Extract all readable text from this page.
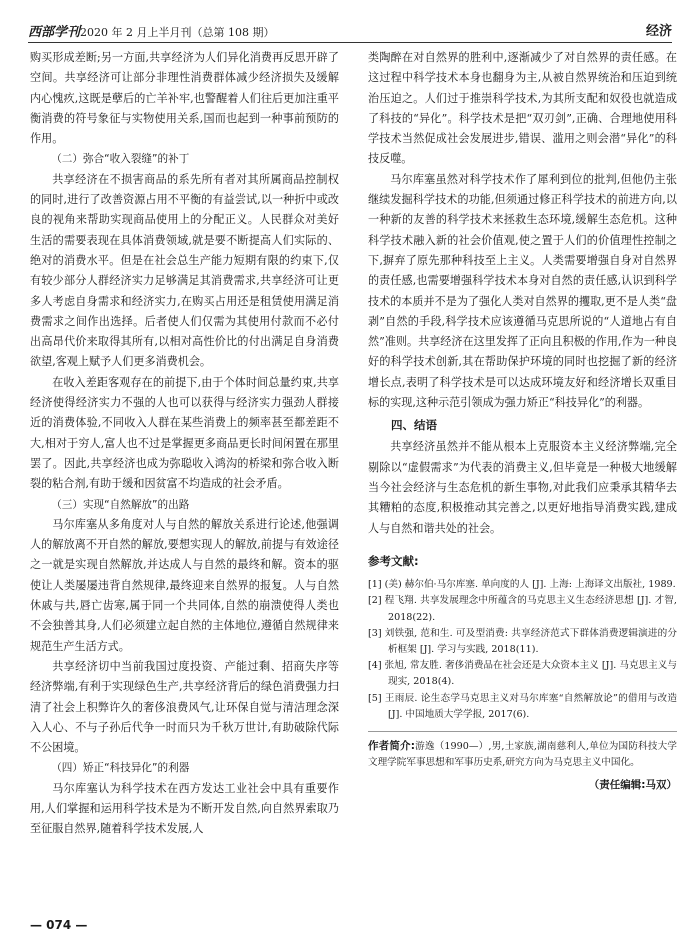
西部学刊2020 年 2 月上半月刊（总第 108 期）	经济

购买形成差断;另一方面,共享经济为人们异化消费再反思开辟了空间。共享经济可让部分非理性消费群体减少经济损失及缓解内心愧疚,这既是孽后的亡羊补牢,也警醒着人们往后更加注重平衡消费的符号象征与实物使用关系,国而也起到一种事前预防的作用。

（二）弥合“收入裂缝”的补丁

共享经济在不损害商品的系先所有者对其所属商品控制权的同时,进行了改善资源占用不平衡的有益尝试,以一种折中或改良的视角来帮助实现商品使用上的分配正义。人民群众对美好生活的需要表现在具体消费领域,就是要不断提高人们实际的、绝对的消费水平。但是在社会总生产能力短期有限的约束下,仅有较少部分人群经济实力足够满足其消费需求,共享经济可让更多人考虑自身需求和经济实力,在购买占用还是租赁使用满足消费需求之间作出选择。后者使人们仅需为其使用付款而不必付出高昂代价来取得其所有,以相对高性价比的付出满足自身消费欲望,客观上赋予人们更多消费机会。

在收入差距客观存在的前提下,由于个体时间总量约束,共享经济使得经济实力不强的人也可以获得与经济实力强劲人群接近的消费体验,不同收入人群在某些消费上的频率甚至都差距不大,相对于穷人,富人也不过是掌握更多商品更长时间闲置在那里罢了。因此,共享经济也成为弥聪收入鸿沟的桥梁和弥合收入断裂的粘合剂,有助于缓和因贫富不均造成的社会矛盾。

（三）实现“自然解放”的出路

马尔库塞从多角度对人与自然的解放关系进行论述,他强调人的解放离不开自然的解放,要想实现人的解放,前提与有效途径之一就是实现自然解放,并达成人与自然的最终和解。资本的驱使让人类屡屡违背自然规律,最终迎来自然界的报复。人与自然休戚与共,唇亡齿寒,属于同一个共同体,自然的崩溃使得人类也不会独善其身,人们必须建立起自然的主体地位,遵循自然规律来规范生产生活方式。

共享经济切中当前我国过度投资、产能过剩、招商失序等经济弊端,有利于实现绿色生产,共享经济背后的绿色消费强力扫清了社会上积弊许久的奢侈浪费风气,让环保自觉与清洁理念深入人心、不与子孙后代争一时而只为千秋万世计,有助破除代际不公困境。

（四）矫正“科技异化”的利器

马尔库塞认为科学技术在西方发达工业社会中具有重要作用,人们掌握和运用科学技术是为不断开发自然,向自然界索取乃至征服自然界,随着科学技术发展,人

类陶醉在对自然界的胜利中,逐渐减少了对自然界的责任感。在这过程中科学技术本身也翻身为主,从被自然界统治和压迫到统治压迫之。人们过于推崇科学技术,为其所支配和奴役也就造成了科技的“异化”。科学技术是把“双刃剑”,正确、合理地使用科学技术当然促成社会发展进步,错误、滥用之则会潜“异化”的科技反噬。

马尔库塞虽然对科学技术作了犀利到位的批判,但他仍主张继续发掘科学技术的功能,但须通过修正科学技术的前进方向,以一种新的友善的科学技术来拯救生态环境,缓解生态危机。这种科学技术融入新的社会价值观,使之置于人们的价值理性控制之下,摒弃了原先那种科技至上主义。人类需要增强自身对自然界的责任感,也需要增强科学技术本身对自然的责任感,认识到科学技术的本质并不是为了强化人类对自然界的攫取,更不是人类“盘剥”自然的手段,科学技术应该遵循马克思所说的“人道地占有自然”准则。共享经济在这里发挥了正向且积极的作用,作为一种良好的科学技术创新,其在帮助保护环境的同时也挖掘了新的经济增长点,表明了科学技术是可以达成环境友好和经济增长双重目标的实现,这种示范引领成为强力矫正“科技异化”的利器。

四、结语

共享经济虽然并不能从根本上克服资本主义经济弊端,完全剔除以“虚假需求”为代表的消费主义,但毕竟是一种极大地缓解当今社会经济与生态危机的新生事物,对此我们应秉承其精华去其糟粕的态度,积极推动其完善之,以更好地指导消费实践,建成人与自然和谐共处的社会。

参考文献:

[1] (美) 赫尔伯·马尔库塞. 单向度的人 [J]. 上海: 上海译文出版社, 1989.
[2] 程飞翔. 共享发展理念中所蕴含的马克思主义生态经济思想 [J]. 才智, 2018(22).
[3] 刘铁强, 范和生. 可及型消费: 共享经济范式下群体消费逻辑演进的分析框架 [J]. 学习与实践, 2018(11).
[4] 张旭, 常友胜. 奢侈消费品在社会还是大众资本主义 [J]. 马克思主义与现实, 2018(4).
[5] 王雨辰. 论生态学马克思主义对马尔库塞“自然解放论”的借用与改造 [J]. 中国地质大学学报, 2017(6).
作者简介:游逸（1990—）,男,土家族,湖南慈利人,单位为国防科技大学文理学院军事思想和军事历史系,研究方向为马克思主义中国化。
（责任编辑:马双）
— 074 —
